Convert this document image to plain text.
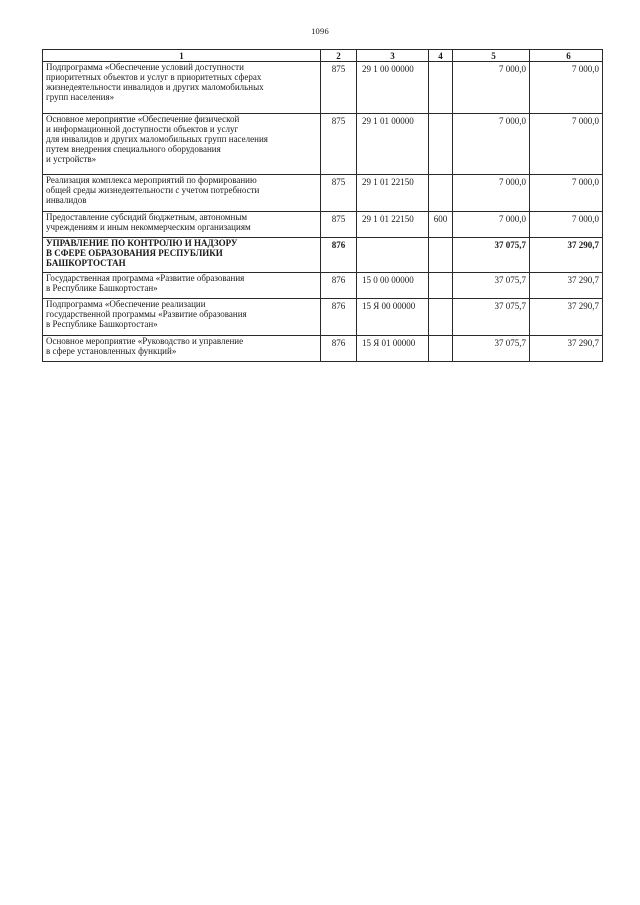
1096
1	2	3	4	5	6
Подпрограмма «Обеспечение условий доступности
приоритетных объектов и услуг в приоритетных сферах
жизнедеятельности инвалидов и других маломобильных
групп населения»	875	29 1 00 00000		7 000,0	7 000,0
Основное мероприятие «Обеспечение физической
и информационной доступности объектов и услуг
для инвалидов и других маломобильных групп населения
путем внедрения специального оборудования
и устройств»	875	29 1 01 00000		7 000,0	7 000,0
Реализация комплекса мероприятий по формированию
общей среды жизнедеятельности с учетом потребности
инвалидов	875	29 1 01 22150		7 000,0	7 000,0
Предоставление субсидий бюджетным, автономным
учреждениям и иным некоммерческим организациям	875	29 1 01 22150	600	7 000,0	7 000,0
УПРАВЛЕНИЕ ПО КОНТРОЛЮ И НАДЗОРУ
В СФЕРЕ ОБРАЗОВАНИЯ РЕСПУБЛИКИ
БАШКОРТОСТАН	876			37 075,7	37 290,7
Государственная программа «Развитие образования
в Республике Башкортостан»	876	15 0 00 00000		37 075,7	37 290,7
Подпрограмма «Обеспечение реализации
государственной программы «Развитие образования
в Республике Башкортостан»	876	15 Я 00 00000		37 075,7	37 290,7
Основное мероприятие «Руководство и управление
в сфере установленных функций»	876	15 Я 01 00000		37 075,7	37 290,7
